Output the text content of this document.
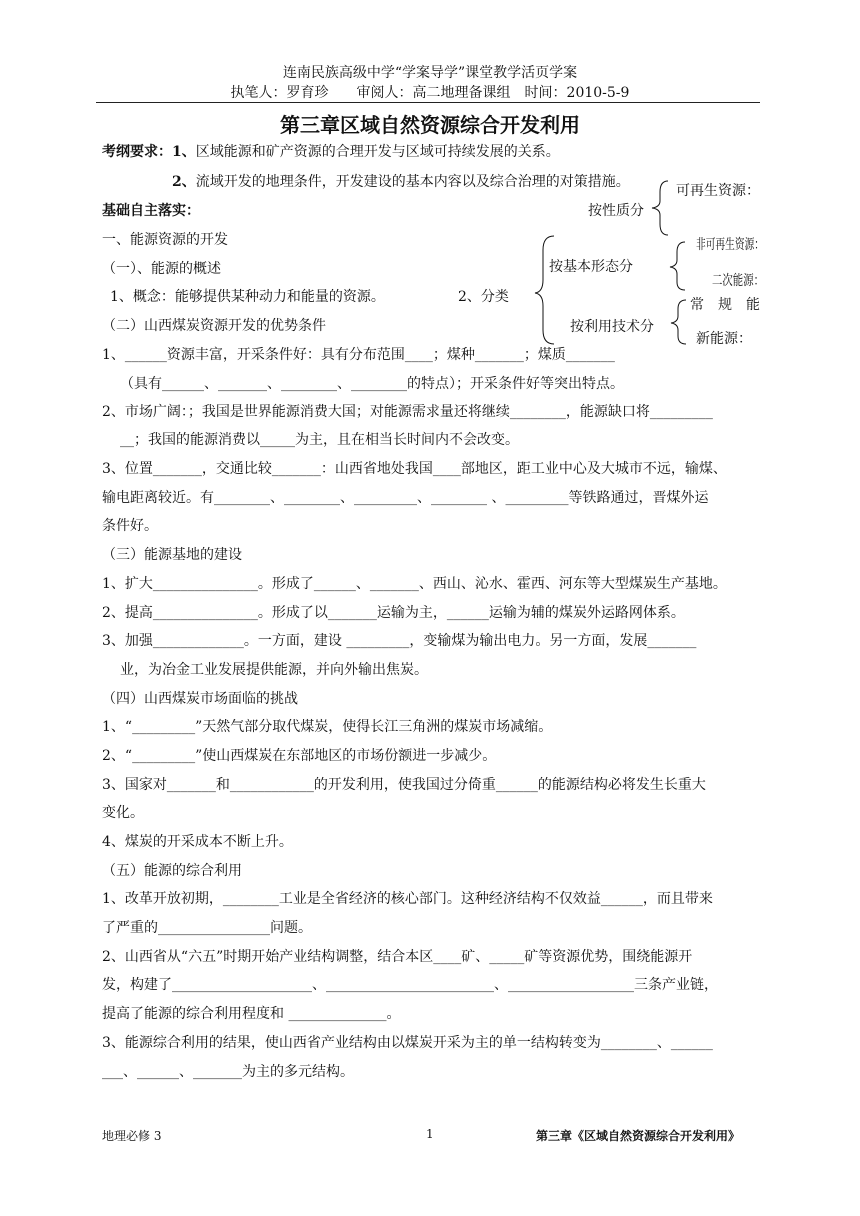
连南民族高级中学“学案导学”课堂教学活页学案
执笔人：罗育珍　　审阅人：高二地理备课组　时间：2010-5-9
第三章区域自然资源综合开发利用
考纲要求：1、区域能源和矿产资源的合理开发与区域可持续发展的关系。
2、流域开发的地理条件，开发建设的基本内容以及综合治理的对策措施。
基础自主落实：
可再生资源：
按性质分
非可再生资源：
按基本形态分
二次能源：
常　规　能
按利用技术分
新能源：
一、能源资源的开发
（一）、能源的概述
1、概念：能够提供某种动力和能量的资源。	2、分类
（二）山西煤炭资源开发的优势条件
1、______资源丰富，开采条件好：具有分布范围____；煤种_______；煤质_______
（具有______、_______、________、________的特点）；开采条件好等突出特点。
2、市场广阔：；我国是世界能源消费大国；对能源需求量还将继续________，能源缺口将_________
__；我国的能源消费以_____为主，且在相当长时间内不会改变。
3、位置_______，交通比较_______：山西省地处我国____部地区，距工业中心及大城市不远，输煤、
输电距离较近。有________、________、_________、________ 、_________等铁路通过，晋煤外运
条件好。
（三）能源基地的建设
1、扩大_______________。形成了______、_______、西山、沁水、霍西、河东等大型煤炭生产基地。
2、提高_______________。形成了以_______运输为主，______运输为辅的煤炭外运路网体系。
3、加强_____________。一方面，建设 _________，变输煤为输出电力。另一方面，发展_______
业，为冶金工业发展提供能源，并向外输出焦炭。
（四）山西煤炭市场面临的挑战
1、“_________”天然气部分取代煤炭，使得长江三角洲的煤炭市场减缩。
2、“_________”使山西煤炭在东部地区的市场份额进一步减少。
3、国家对_______和____________的开发利用，使我国过分倚重______的能源结构必将发生长重大
变化。
4、煤炭的开采成本不断上升。
（五）能源的综合利用
1、改革开放初期，________工业是全省经济的核心部门。这种经济结构不仅效益______，而且带来
了严重的________________问题。
2、山西省从“六五”时期开始产业结构调整，结合本区____矿、_____矿等资源优势，围绕能源开
发，构建了____________________、________________________、__________________三条产业链，
提高了能源的综合利用程度和 ______________。
3、能源综合利用的结果，使山西省产业结构由以煤炭开采为主的单一结构转变为________、______
___、______、_______为主的多元结构。
地理必修 3	1	第三章《区域自然资源综合开发利用》
